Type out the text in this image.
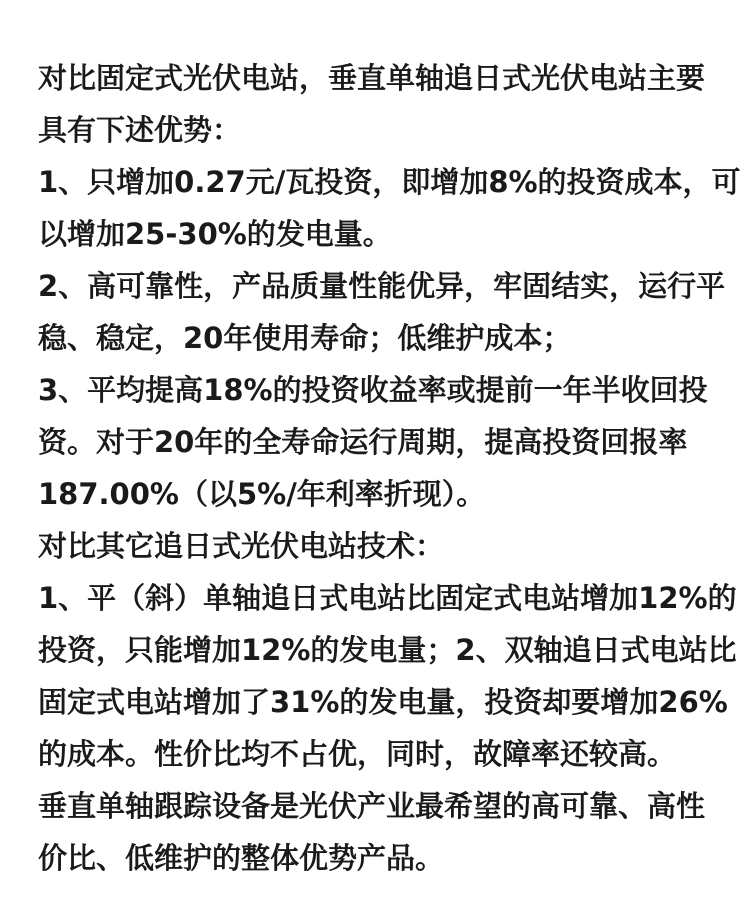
对比固定式光伏电站，垂直单轴追日式光伏电站主要
具有下述优势：
1、只增加0.27元/瓦投资，即增加8%的投资成本，可
以增加25-30%的发电量。
2、高可靠性，产品质量性能优异，牢固结实，运行平
稳、稳定，20年使用寿命；低维护成本；
3、平均提高18%的投资收益率或提前一年半收回投
资。对于20年的全寿命运行周期，提高投资回报率
187.00%（以5%/年利率折现）。
对比其它追日式光伏电站技术：
1、平（斜）单轴追日式电站比固定式电站增加12%的
投资，只能增加12%的发电量；2、双轴追日式电站比
固定式电站增加了31%的发电量，投资却要增加26%
的成本。性价比均不占优，同时，故障率还较高。
垂直单轴跟踪设备是光伏产业最希望的高可靠、高性
价比、低维护的整体优势产品。
